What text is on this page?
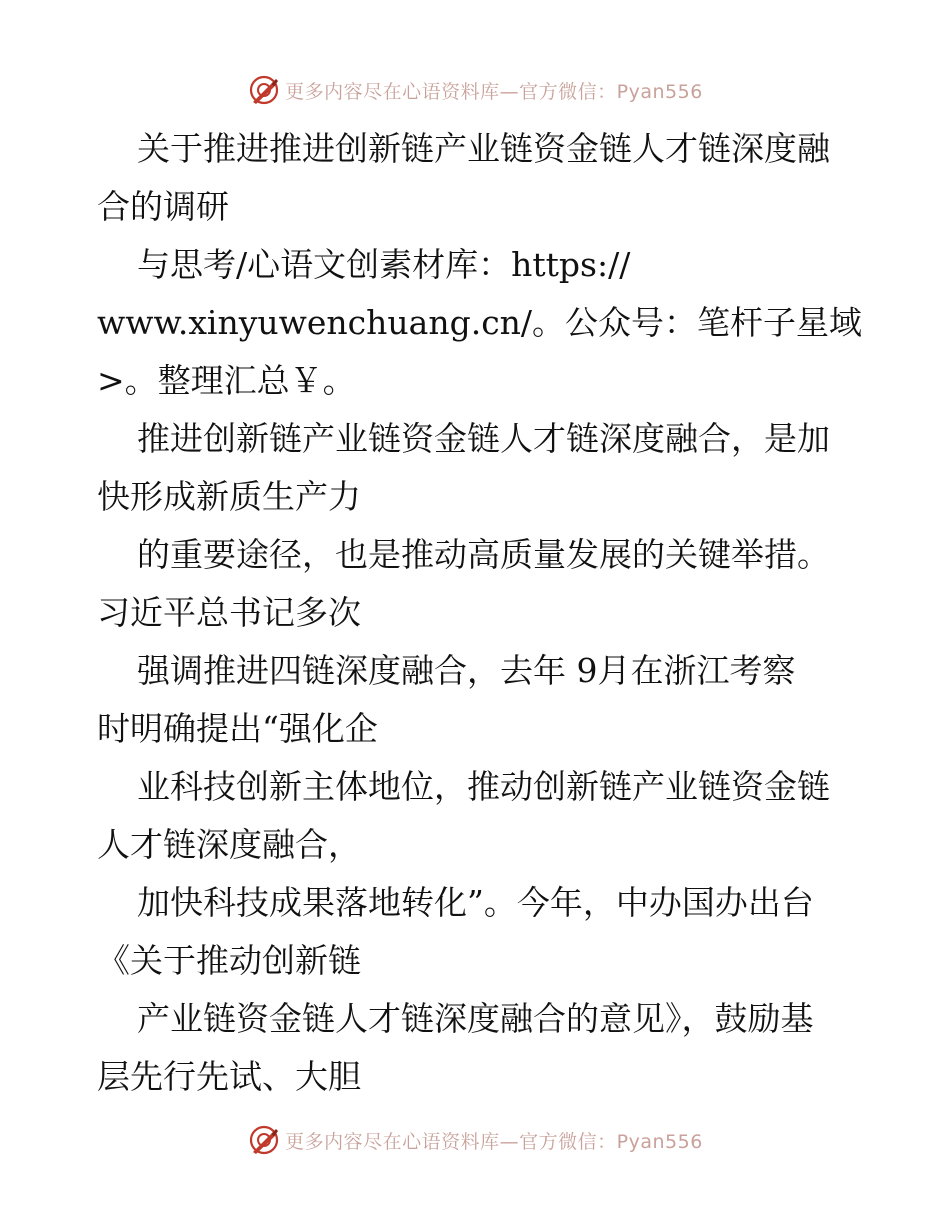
更多内容尽在心语资料库—官方微信：Pyan556
关于推进推进创新链产业链资金链人才链深度融
合的调研
与思考/心语文创素材库：https://
www.xinyuwenchuang.cn/。公众号：笔杆子星域
>。整理汇总￥。
推进创新链产业链资金链人才链深度融合，是加
快形成新质生产力
的重要途径，也是推动高质量发展的关键举措。
习近平总书记多次
强调推进四链深度融合，去年 9月在浙江考察
时明确提出“强化企
业科技创新主体地位，推动创新链产业链资金链
人才链深度融合，
加快科技成果落地转化”。今年，中办国办出台
《关于推动创新链
产业链资金链人才链深度融合的意见》，鼓励基
层先行先试、大胆
更多内容尽在心语资料库—官方微信：Pyan556
